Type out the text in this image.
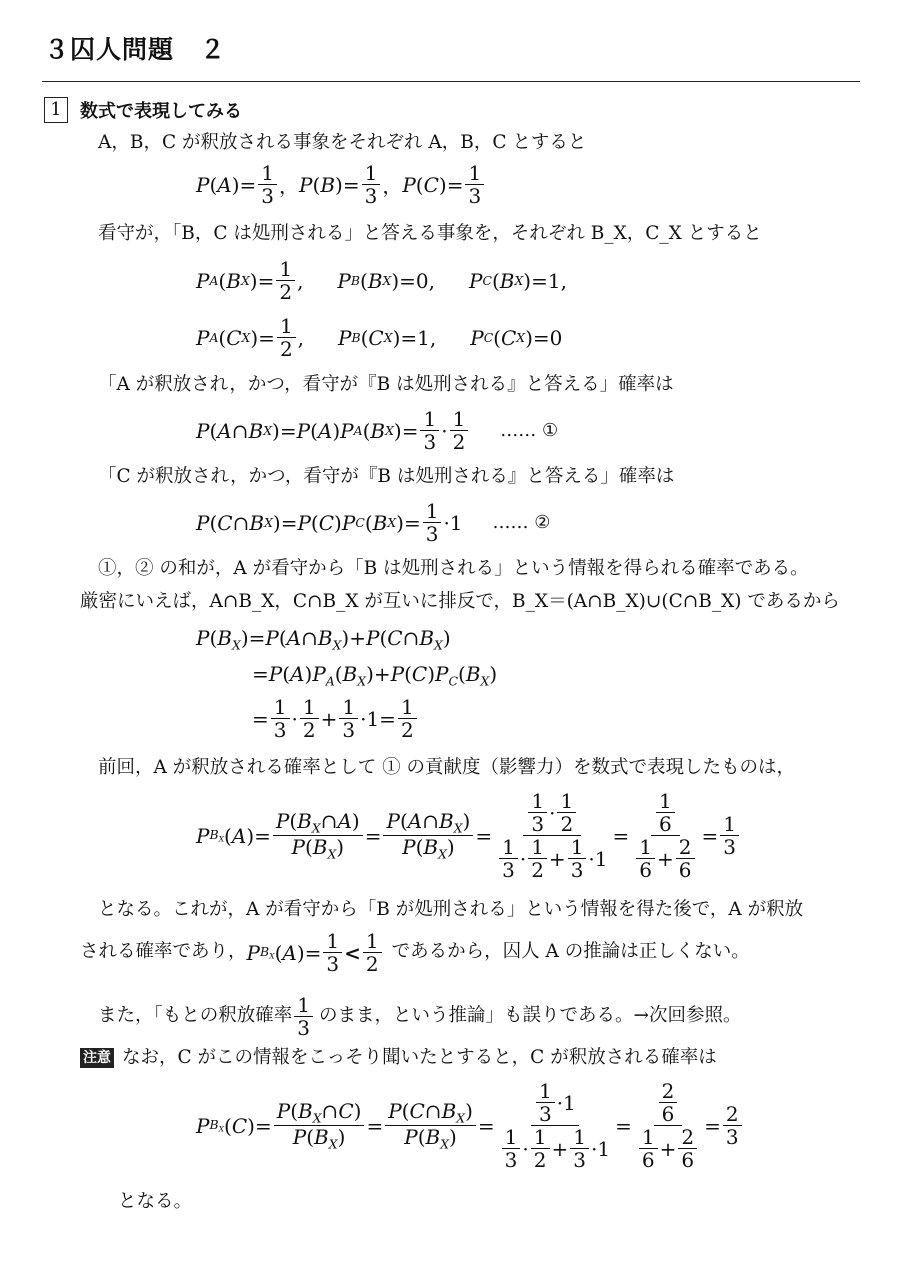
３囚人問題　２
1	数式で表現してみる
A，B，C が釈放される事象をそれぞれ A，B，C とすると
P ( A )= $\frac{1}{3}$ ， P ( B )= $\frac{1}{3}$ ， P ( C )= $\frac{1}{3}$
看守が，「B，C は処刑される」と答える事象を，それぞれ B_X，C_X とすると
P A ( B X )= $\frac{1}{2}$ , P B ( B X )=0, P C ( B X )=1,
P A ( C X )= $\frac{1}{2}$ , P B ( C X )=1, P C ( C X )=0
「A が釈放され，かつ，看守が『B は処刑される』と答える」確率は
P ( A ∩ B X )= P ( A ) P A ( B X )= $\frac{1}{3} \cdot \frac{1}{2}$ …… ①
「C が釈放され，かつ，看守が『B は処刑される』と答える」確率は
P ( C ∩ B X )= P ( C ) P C ( B X )= $\frac{1}{3} \cdot 1$ …… ②
①，② の和が，A が看守から「B は処刑される」という情報を得られる確率である。
厳密にいえば，A∩B_X，C∩B_X が互いに排反で，B_X＝(A∩B_X)∪(C∩B_X) であるから
$P(B_X)=P(A\cap B_X)+P(C\cap B_X)$
$=P(A)P_A(B_X)+P(C)P_C(B_X)$
= $\frac{1}{3} \cdot \frac{1}{2} + \frac{1}{3} \cdot 1= \frac{1}{2}$
前回，A が釈放される確率として ① の貢献度（影響力）を数式で表現したものは，
P $B_X$ ( A )= $\frac{P(B_X\cap A)}{P(B_X)} = \frac{P(A\cap B_X)}{P(B_X)} = \frac{\frac{1}{3} \cdot \frac{1}{2}}{\frac{1}{3} \cdot \frac{1}{2} + \frac{1}{3} \cdot 1} = \frac{\frac{1}{6}}{\frac{1}{6} + \frac{2}{6}} = \frac{1}{3}$
となる。これが，A が看守から「B が処刑される」という情報を得た後で，A が釈放
される確率であり， P $B_X$ ( A )= $\frac{1}{3} < \frac{1}{2}$ であるから，囚人 A の推論は正しくない。
また，「もとの釈放確率 $\frac{1}{3}$ のまま，という推論」も誤りである。→次回参照。
注意 なお，C がこの情報をこっそり聞いたとすると，C が釈放される確率は
P $B_X$ ( C )= $\frac{P(B_X\cap C)}{P(B_X)} = \frac{P(C\cap B_X)}{P(B_X)} = \frac{\frac{1}{3} \cdot 1}{\frac{1}{3} \cdot \frac{1}{2} + \frac{1}{3} \cdot 1} = \frac{\frac{2}{6}}{\frac{1}{6} + \frac{2}{6}} = \frac{2}{3}$
となる。
